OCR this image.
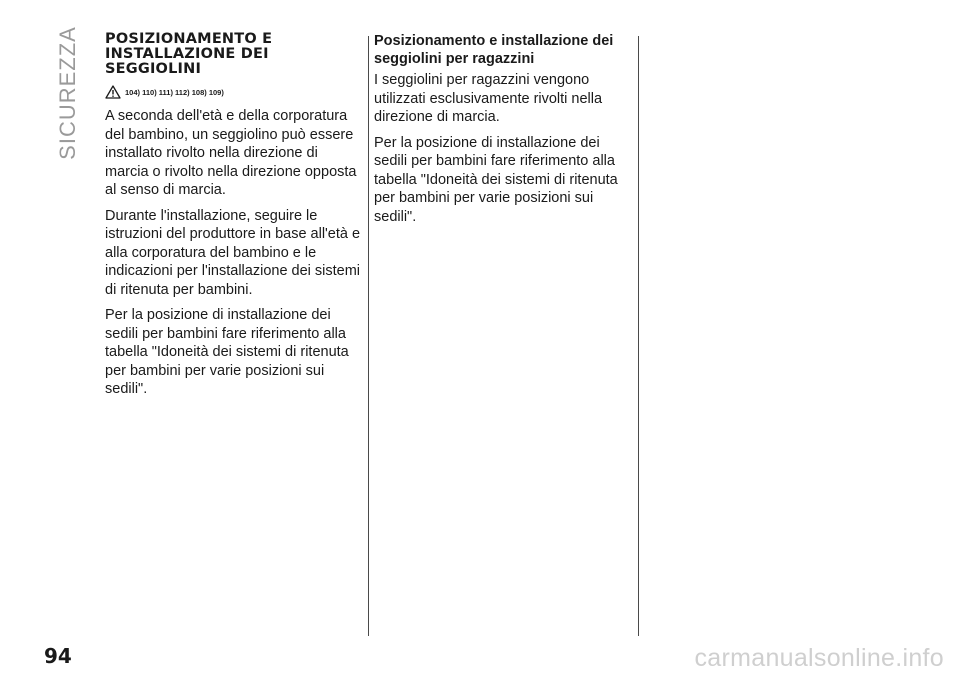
SICUREZZA POSIZIONAMENTO E INSTALLAZIONE DEI SEGGIOLINI
104) 110) 111) 112) 108) 109)

A seconda dell'età e della corporatura del bambino, un seggiolino può essere installato rivolto nella direzione di marcia o rivolto nella direzione opposta al senso di marcia.

Durante l'installazione, seguire le istruzioni del produttore in base all'età e alla corporatura del bambino e le indicazioni per l'installazione dei sistemi di ritenuta per bambini.

Per la posizione di installazione dei sedili per bambini fare riferimento alla tabella "Idoneità dei sistemi di ritenuta per bambini per varie posizioni sui sedili".

Posizionamento e installazione dei seggiolini per ragazzini

I seggiolini per ragazzini vengono utilizzati esclusivamente rivolti nella direzione di marcia.

Per la posizione di installazione dei sedili per bambini fare riferimento alla tabella "Idoneità dei sistemi di ritenuta per bambini per varie posizioni sui sedili".

94	carmanualsonline.info
